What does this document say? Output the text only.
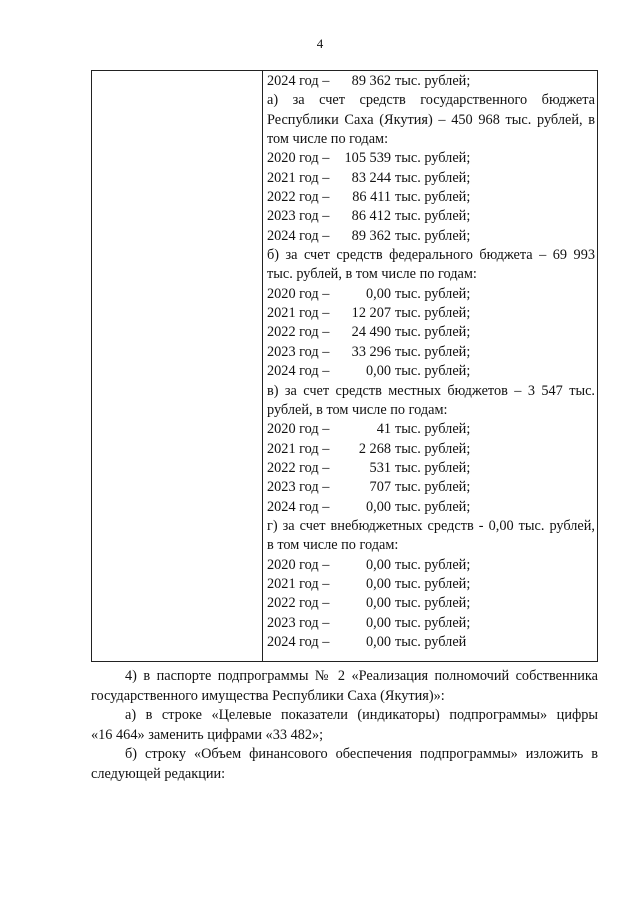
4
2024 год – 89 362 тыс. рублей;
а) за счет средств государственного бюджета
Республики Саха (Якутия) – 450 968 тыс. рублей, в
том числе по годам:
2020 год – 105 539 тыс. рублей;
2021 год – 83 244 тыс. рублей;
2022 год – 86 411 тыс. рублей;
2023 год – 86 412 тыс. рублей;
2024 год – 89 362 тыс. рублей;
б) за счет средств федерального бюджета – 69 993
тыс. рублей, в том числе по годам:
2020 год –	0,00 тыс. рублей;
2021 год – 12 207 тыс. рублей;
2022 год – 24 490 тыс. рублей;
2023 год – 33 296 тыс. рублей;
2024 год –	0,00 тыс. рублей;
в) за счет средств местных бюджетов – 3 547 тыс.
рублей, в том числе по годам:
2020 год –	41 тыс. рублей;
2021 год – 2 268 тыс. рублей;
2022 год –	531 тыс. рублей;
2023 год –	707 тыс. рублей;
2024 год –	0,00 тыс. рублей;
г) за счет внебюджетных средств - 0,00 тыс. рублей,
в том числе по годам:
2020 год –	0,00 тыс. рублей;
2021 год –	0,00 тыс. рублей;
2022 год –	0,00 тыс. рублей;
2023 год –	0,00 тыс. рублей;
2024 год –	0,00 тыс. рублей
4) в паспорте подпрограммы № 2 «Реализация полномочий собственника
государственного имущества Республики Саха (Якутия)»:
а) в строке «Целевые показатели (индикаторы) подпрограммы» цифры
«16 464» заменить цифрами «33 482»;
б) строку «Объем финансового обеспечения подпрограммы» изложить в
следующей редакции:
